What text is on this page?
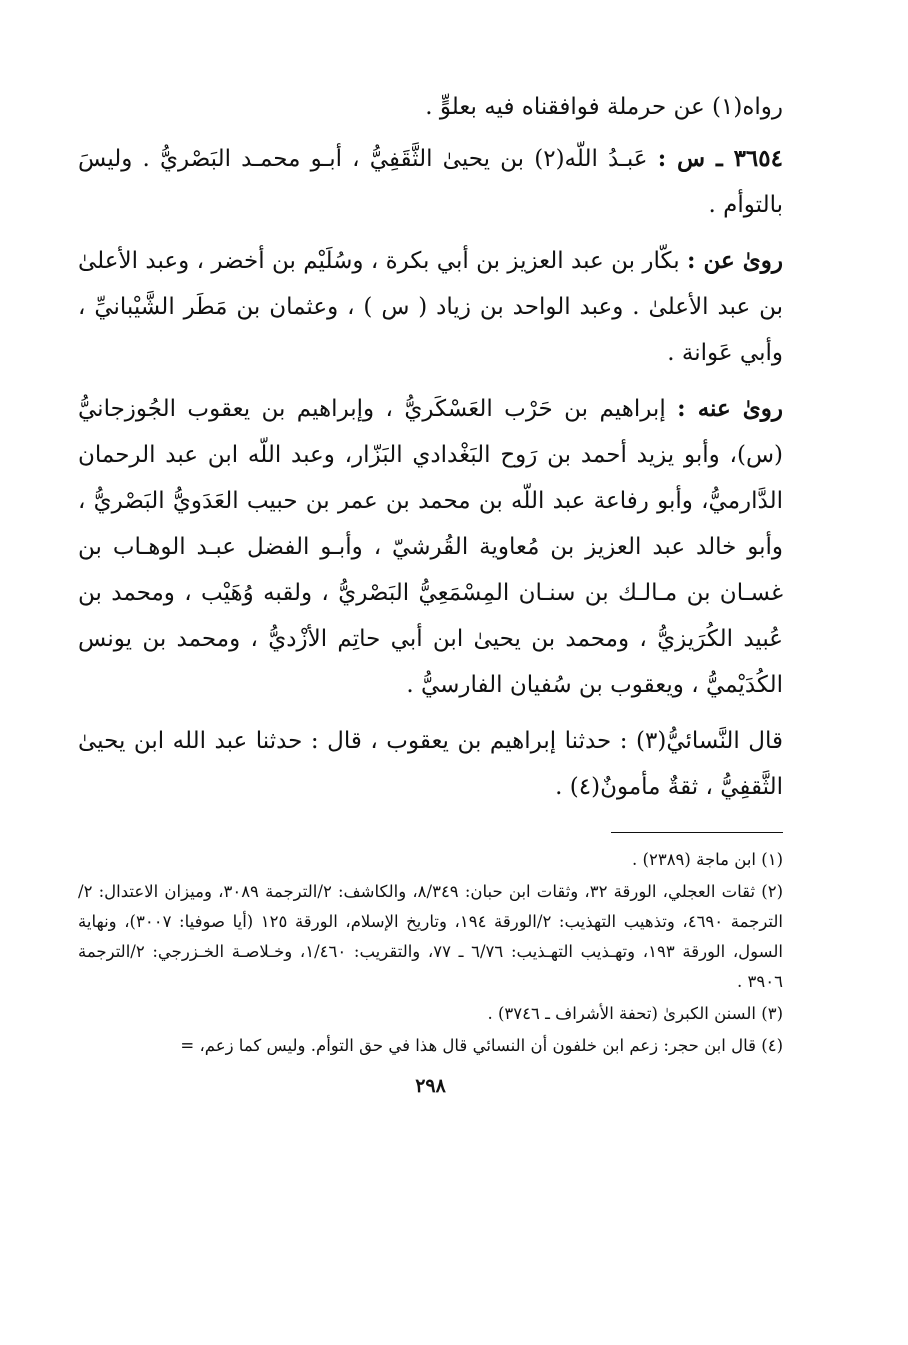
رواه(١) عن حرملة فوافقناه فيه بعلوٍّ .

٣٦٥٤ ـ س : عَبـدُ اللّه(٢) بن يحيىٰ الثَّقَفِيُّ ، أبـو محمـد البَصْريُّ . وليسَ بالتوأم .

روىٰ عن : بكّار بن عبد العزيز بن أبي بكرة ، وسُلَيْم بن أخضر ، وعبد الأعلىٰ بن عبد الأعلىٰ . وعبد الواحد بن زياد ( س ) ، وعثمان بن مَطَر الشَّيْبانيِّ ، وأبي عَوانة .

روىٰ عنه : إبراهيم بن حَرْب العَسْكَريُّ ، وإبراهيم بن يعقوب الجُوزجانيُّ (س)، وأبو يزيد أحمد بن رَوح البَغْدادي البَزّار، وعبد اللّه ابن عبد الرحمان الدَّارميُّ، وأبو رفاعة عبد اللّه بن محمد بن عمر بن حبيب العَدَويُّ البَصْريُّ ، وأبو خالد عبد العزيز بن مُعاوية القُرشيّ ، وأبـو الفضل عبـد الوهـاب بن غسـان بن مـالـك بن سنـان المِسْمَعِيُّ البَصْريُّ ، ولقبه وُهَيْب ، ومحمد بن عُبيد الكُرَيزيُّ ، ومحمد بن يحيىٰ ابن أبي حاتِم الأزْديُّ ، ومحمد بن يونس الكُدَيْميُّ ، ويعقوب بن سُفيان الفارسيُّ .

قال النَّسائيُّ(٣) : حدثنا إبراهيم بن يعقوب ، قال : حدثنا عبد الله ابن يحيىٰ الثَّقفِيُّ ، ثقةٌ مأمونٌ(٤) .

(١) ابن ماجة (٢٣٨٩) .

(٢) ثقات العجلي، الورقة ٣٢، وثقات ابن حبان: ٨/٣٤٩، والكاشف: ٢/الترجمة ٣٠٨٩، وميزان الاعتدال: ٢/الترجمة ٤٦٩٠، وتذهيب التهذيب: ٢/الورقة ١٩٤، وتاريخ الإسلام، الورقة ١٢٥ (أيا صوفيا: ٣٠٠٧)، ونهاية السول، الورقة ١٩٣، وتهـذيب التهـذيب: ٦/٧٦ ـ ٧٧، والتقريب: ١/٤٦٠، وخـلاصـة الخـزرجي: ٢/الترجمة ٣٩٠٦ .

(٣) السنن الكبرىٰ (تحفة الأشراف ـ ٣٧٤٦) .

(٤) قال ابن حجر: زعم ابن خلفون أن النسائي قال هذا في حق التوأم. وليس كما زعم، =

٢٩٨
